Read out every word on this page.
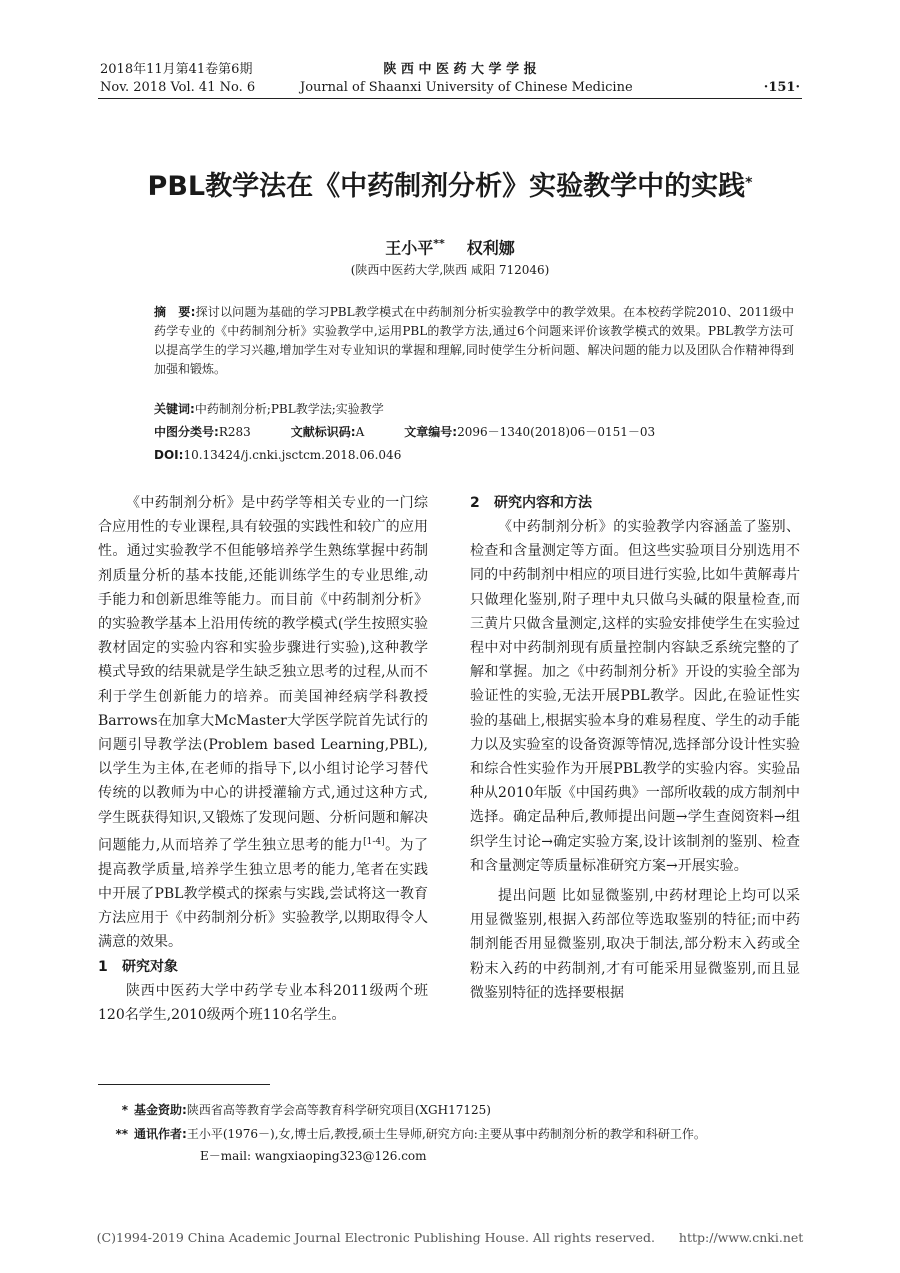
2018年11月第41卷第6期
Nov. 2018 Vol. 41 No. 6
陕 西 中 医 药 大 学 学 报
Journal of Shaanxi University of Chinese Medicine	·151·
PBL教学法在《中药制剂分析》实验教学中的实践*
王小平** 权利娜
(陕西中医药大学,陕西 咸阳 712046)
摘　要:探讨以问题为基础的学习PBL教学模式在中药制剂分析实验教学中的教学效果。在本校药学院2010、2011级中药学专业的《中药制剂分析》实验教学中,运用PBL的教学方法,通过6个问题来评价该教学模式的效果。PBL教学方法可以提高学生的学习兴趣,增加学生对专业知识的掌握和理解,同时使学生分析问题、解决问题的能力以及团队合作精神得到加强和锻炼。
关键词:中药制剂分析;PBL教学法;实验教学
中图分类号:R283	文献标识码:A	文章编号:2096－1340(2018)06－0151－03
DOI:10.13424/j.cnki.jsctcm.2018.06.046

《中药制剂分析》是中药学等相关专业的一门综合应用性的专业课程,具有较强的实践性和较广的应用性。通过实验教学不但能够培养学生熟练掌握中药制剂质量分析的基本技能,还能训练学生的专业思维,动手能力和创新思维等能力。而目前《中药制剂分析》的实验教学基本上沿用传统的教学模式(学生按照实验教材固定的实验内容和实验步骤进行实验),这种教学模式导致的结果就是学生缺乏独立思考的过程,从而不利于学生创新能力的培养。而美国神经病学科教授Barrows在加拿大McMaster大学医学院首先试行的问题引导教学法(Problem based Learning,PBL),以学生为主体,在老师的指导下,以小组讨论学习替代传统的以教师为中心的讲授灌输方式,通过这种方式,学生既获得知识,又锻炼了发现问题、分析问题和解决问题能力,从而培养了学生独立思考的能力[1-4]。为了提高教学质量,培养学生独立思考的能力,笔者在实践中开展了PBL教学模式的探索与实践,尝试将这一教育方法应用于《中药制剂分析》实验教学,以期取得令人满意的效果。

1 研究对象

陕西中医药大学中药学专业本科2011级两个班120名学生,2010级两个班110名学生。

2 研究内容和方法

《中药制剂分析》的实验教学内容涵盖了鉴别、检查和含量测定等方面。但这些实验项目分别选用不同的中药制剂中相应的项目进行实验,比如牛黄解毒片只做理化鉴别,附子理中丸只做乌头碱的限量检查,而三黄片只做含量测定,这样的实验安排使学生在实验过程中对中药制剂现有质量控制内容缺乏系统完整的了解和掌握。加之《中药制剂分析》开设的实验全部为验证性的实验,无法开展PBL教学。因此,在验证性实验的基础上,根据实验本身的难易程度、学生的动手能力以及实验室的设备资源等情况,选择部分设计性实验和综合性实验作为开展PBL教学的实验内容。实验品种从2010年版《中国药典》一部所收载的成方制剂中选择。确定品种后,教师提出问题→学生查阅资料→组织学生讨论→确定实验方案,设计该制剂的鉴别、检查和含量测定等质量标准研究方案→开展实验。

提出问题 比如显微鉴别,中药材理论上均可以采用显微鉴别,根据入药部位等选取鉴别的特征;而中药制剂能否用显微鉴别,取决于制法,部分粉末入药或全粉末入药的中药制剂,才有可能采用显微鉴别,而且显微鉴别特征的选择要根据

* 基金资助:陕西省高等教育学会高等教育科学研究项目(XGH17125)
** 通讯作者:王小平(1976－),女,博士后,教授,硕士生导师,研究方向:主要从事中药制剂分析的教学和科研工作。
E－mail: wangxiaoping323@126.com
(C)1994-2019 China Academic Journal Electronic Publishing House. All rights reserved. http://www.cnki.net
